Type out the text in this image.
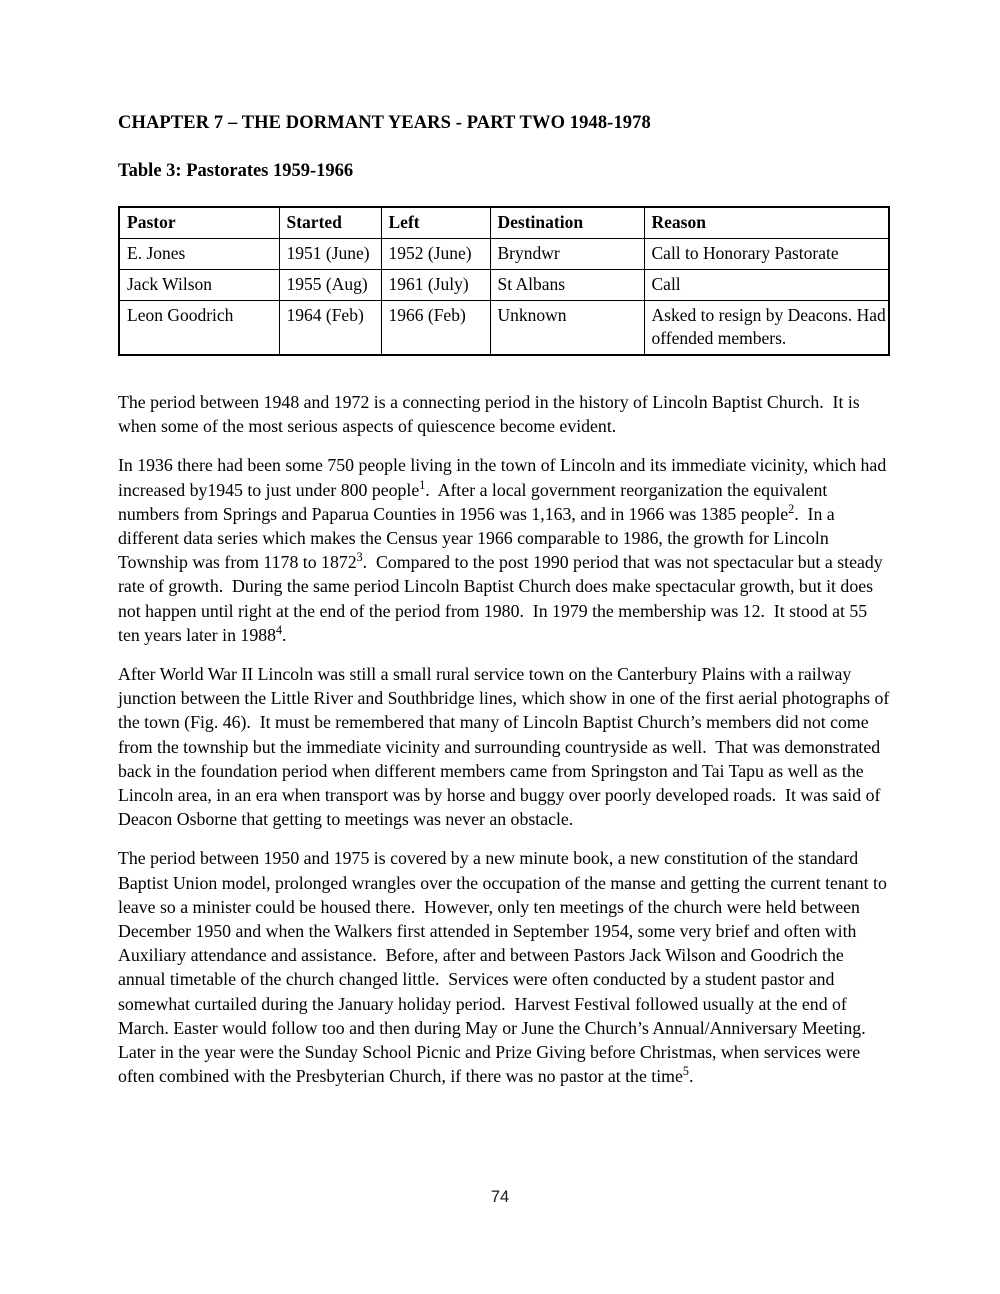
CHAPTER 7 – THE DORMANT YEARS - PART TWO 1948-1978
Table 3: Pastorates 1959-1966
Pastor	Started	Left	Destination	Reason
E. Jones	1951 (June)	1952 (June)	Bryndwr	Call to Honorary Pastorate
Jack Wilson	1955 (Aug)	1961 (July)	St Albans	Call
Leon Goodrich	1964 (Feb)	1966 (Feb)	Unknown	Asked to resign by Deacons. Had offended members.

The period between 1948 and 1972 is a connecting period in the history of Lincoln Baptist Church.  It is when some of the most serious aspects of quiescence become evident.

In 1936 there had been some 750 people living in the town of Lincoln and its immediate vicinity, which had increased by1945 to just under 800 people$^1$.  After a local government reorganization the equivalent numbers from Springs and Paparua Counties in 1956 was 1,163, and in 1966 was 1385 people$^2$.  In a different data series which makes the Census year 1966 comparable to 1986, the growth for Lincoln Township was from 1178 to 1872$^3$.  Compared to the post 1990 period that was not spectacular but a steady rate of growth.  During the same period Lincoln Baptist Church does make spectacular growth, but it does not happen until right at the end of the period from 1980.  In 1979 the membership was 12.  It stood at 55 ten years later in 1988$^4$.

After World War II Lincoln was still a small rural service town on the Canterbury Plains with a railway junction between the Little River and Southbridge lines, which show in one of the first aerial photographs of the town (Fig. 46).  It must be remembered that many of Lincoln Baptist Church’s members did not come from the township but the immediate vicinity and surrounding countryside as well.  That was demonstrated back in the foundation period when different members came from Springston and Tai Tapu as well as the Lincoln area, in an era when transport was by horse and buggy over poorly developed roads.  It was said of Deacon Osborne that getting to meetings was never an obstacle.

The period between 1950 and 1975 is covered by a new minute book, a new constitution of the standard Baptist Union model, prolonged wrangles over the occupation of the manse and getting the current tenant to leave so a minister could be housed there.  However, only ten meetings of the church were held between December 1950 and when the Walkers first attended in September 1954, some very brief and often with Auxiliary attendance and assistance.  Before, after and between Pastors Jack Wilson and Goodrich the annual timetable of the church changed little.  Services were often conducted by a student pastor and somewhat curtailed during the January holiday period.  Harvest Festival followed usually at the end of March. Easter would follow too and then during May or June the Church’s Annual/Anniversary Meeting.  Later in the year were the Sunday School Picnic and Prize Giving before Christmas, when services were often combined with the Presbyterian Church, if there was no pastor at the time$^5$.

74
